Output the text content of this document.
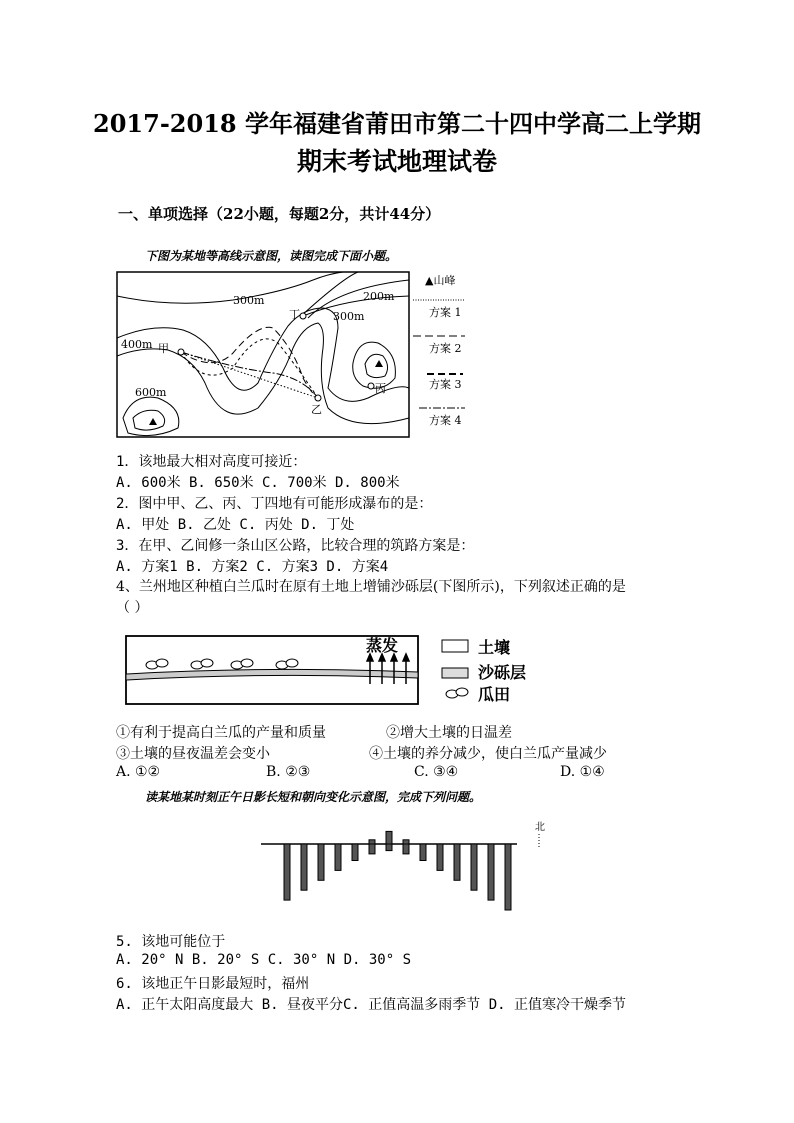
2017-2018 学年福建省莆田市第二十四中学高二上学期
期末考试地理试卷
一、单项选择（22小题，每题2分，共计44分）
下图为某地等高线示意图，读图完成下面小题。
300m	200m
300m
400m
600m
甲
乙
丙
丁
▲山峰
方案 1
方案 2
方案 3
方案 4
1．该地最大相对高度可接近：
A. 600米 B. 650米 C. 700米 D. 800米
2．图中甲、乙、丙、丁四地有可能形成瀑布的是：
A. 甲处 B. 乙处 C. 丙处 D. 丁处
3．在甲、乙间修一条山区公路，比较合理的筑路方案是：
A. 方案1 B. 方案2 C. 方案3 D. 方案4
4、兰州地区种植白兰瓜时在原有土地上增铺沙砾层(下图所示)，下列叙述正确的是
（ ）
蒸发	土壤
沙砾层
瓜田
①有利于提高白兰瓜的产量和质量	②增大土壤的日温差
③土壤的昼夜温差会变小	④土壤的养分减少，使白兰瓜产量减少
A. ①②	B. ②③	C. ③④	D. ①④
读某地某时刻正午日影长短和朝向变化示意图，完成下列问题。
北
5. 该地可能位于
A. 20° N B. 20° S C. 30° N D. 30° S
6. 该地正午日影最短时，福州
A. 正午太阳高度最大 B. 昼夜平分C. 正值高温多雨季节 D. 正值寒冷干燥季节
